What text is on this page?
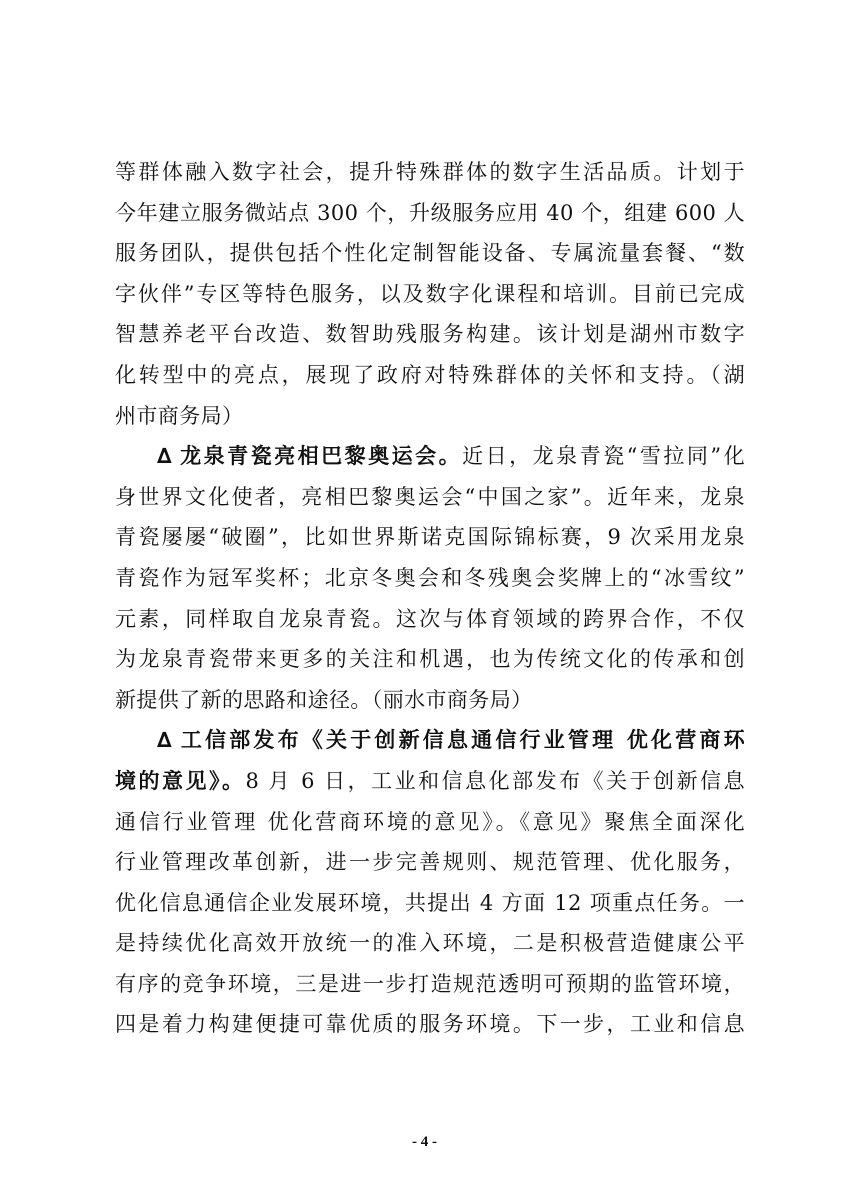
等群体融入数字社会，提升特殊群体的数字生活品质。计划于
今年建立服务微站点 300 个，升级服务应用 40 个，组建 600 人
服务团队，提供包括个性化定制智能设备、专属流量套餐、“数
字伙伴”专区等特色服务，以及数字化课程和培训。目前已完成
智慧养老平台改造、数智助残服务构建。该计划是湖州市数字
化转型中的亮点，展现了政府对特殊群体的关怀和支持。（湖
州市商务局）
∆ 龙泉青瓷亮相巴黎奥运会。近日，龙泉青瓷“雪拉同”化
身世界文化使者，亮相巴黎奥运会“中国之家”。近年来，龙泉
青瓷屡屡“破圈”，比如世界斯诺克国际锦标赛，9 次采用龙泉
青瓷作为冠军奖杯；北京冬奥会和冬残奥会奖牌上的“冰雪纹”
元素，同样取自龙泉青瓷。这次与体育领域的跨界合作，不仅
为龙泉青瓷带来更多的关注和机遇，也为传统文化的传承和创
新提供了新的思路和途径。（丽水市商务局）
∆ 工信部发布《关于创新信息通信行业管理 优化营商环
境的意见》。8 月 6 日，工业和信息化部发布《关于创新信息
通信行业管理 优化营商环境的意见》。《意见》聚焦全面深化
行业管理改革创新，进一步完善规则、规范管理、优化服务，
优化信息通信企业发展环境，共提出 4 方面 12 项重点任务。一
是持续优化高效开放统一的准入环境，二是积极营造健康公平
有序的竞争环境，三是进一步打造规范透明可预期的监管环境，
四是着力构建便捷可靠优质的服务环境。下一步，工业和信息
- 4 -
